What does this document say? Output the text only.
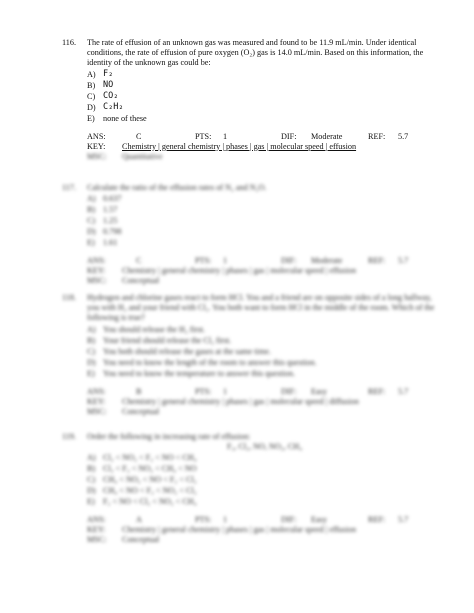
116.	The rate of effusion of an unknown gas was measured and found to be 11.9 mL/min. Under identical conditions, the rate of effusion of pure oxygen (O₂) gas is 14.0 mL/min. Based on this information, the identity of the unknown gas could be:
A) F₂
B) NO
C) CO₂
D) C₂H₂
E)	none of these
ANS:	C	PTS:	1	DIF:	Moderate	REF:	5.7
KEY:	Chemistry | general chemistry | phases | gas | molecular speed | effusion
MSC:	Quantitative
117.	Calculate the ratio of the effusion rates of N₂ and N₂O.
A) 0.637
B) 1.57
C) 1.25
D) 0.798
E)	1.61
ANS:	C	PTS:	1	DIF:	Moderate	REF:	5.7
KEY:	Chemistry | general chemistry | phases | gas | molecular speed | effusion
MSC:	Conceptual
118.	Hydrogen and chlorine gases react to form HCl. You and a friend are on opposite sides of a long hallway, you with H₂ and your friend with Cl₂. You both want to form HCl in the middle of the room. Which of the following is true?
A) You should release the H₂ first.
B) Your friend should release the Cl₂ first.
C) You both should release the gases at the same time.
D) You need to know the length of the room to answer this question.
E)	You need to know the temperature to answer this question.
ANS:	B	PTS:	1	DIF:	Easy	REF:	5.7
KEY:	Chemistry | general chemistry | phases | gas | molecular speed | diffusion
MSC:	Conceptual
119.	Order the following in increasing rate of effusion:
F₂, Cl₂, NO, NO₂, CH₄
A) Cl₂ < NO₂ < F₂ < NO < CH₄
B) Cl₂ < F₂ < NO₂ < CH₄ < NO
C) CH₄ < NO₂ < NO < F₂ < Cl₂
D) CH₄ < NO < F₂ < NO₂ < Cl₂
E)	F₂ < NO < Cl₂ < NO₂ < CH₄
ANS:	A	PTS:	1	DIF:	Easy	REF:	5.7
KEY:	Chemistry | general chemistry | phases | gas | molecular speed | effusion
MSC:	Conceptual
